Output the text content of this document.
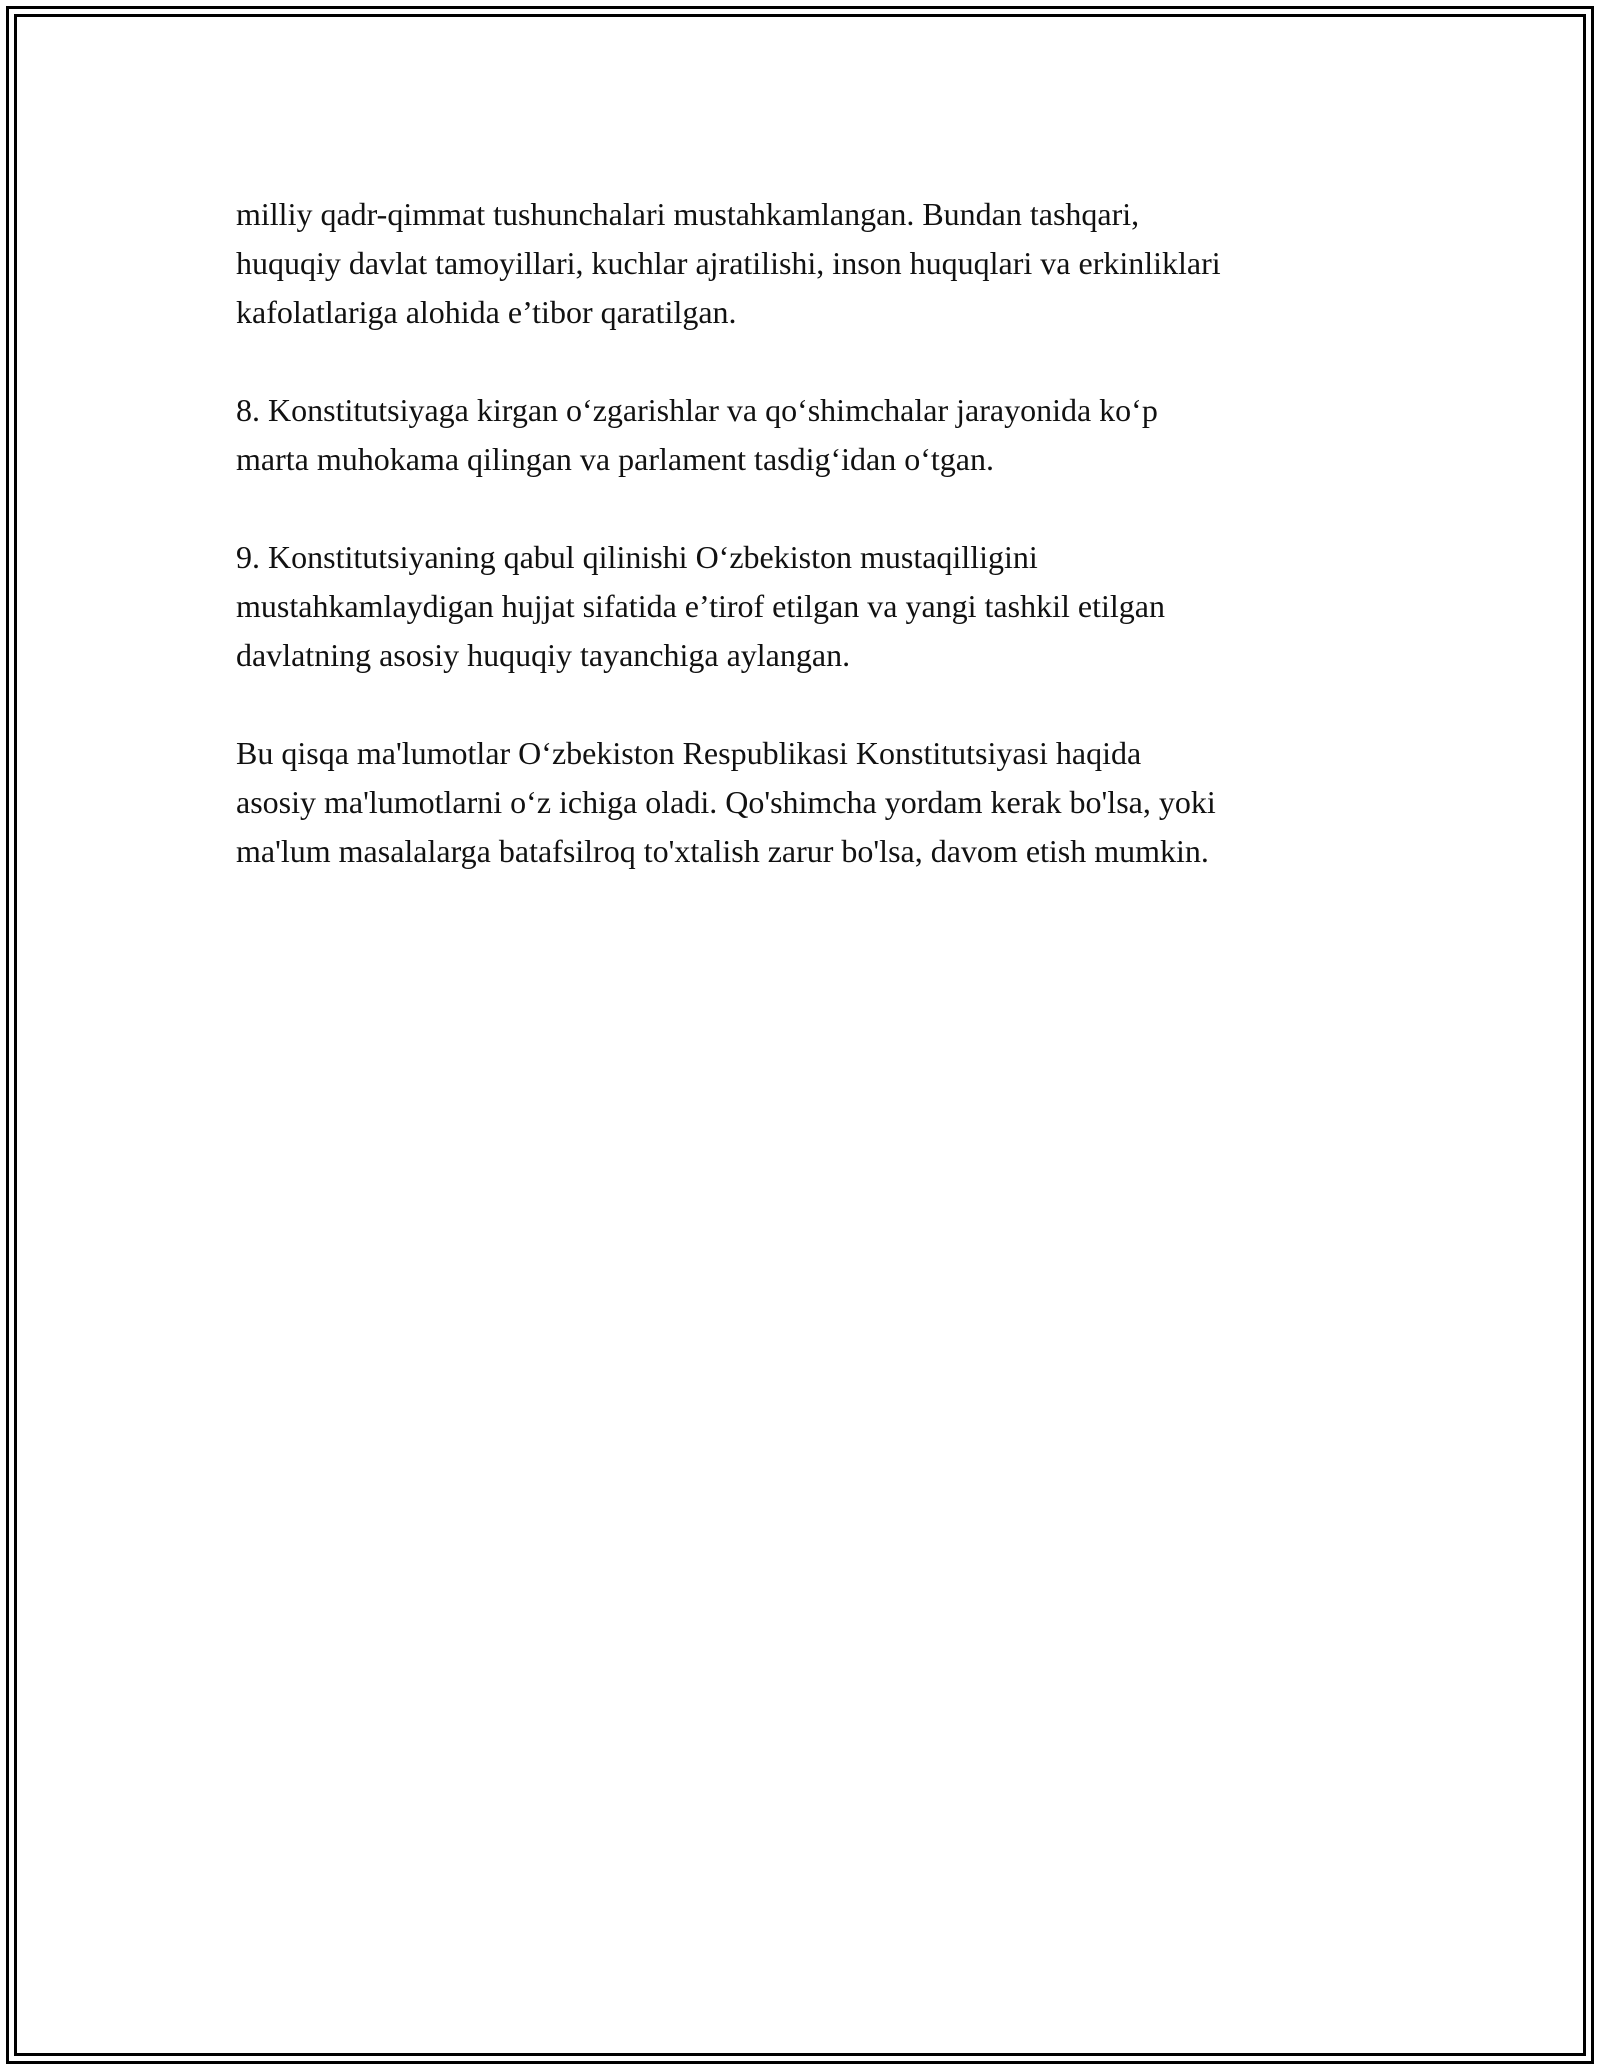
milliy qadr-qimmat tushunchalari mustahkamlangan. Bundan tashqari,
huquqiy davlat tamoyillari, kuchlar ajratilishi, inson huquqlari va erkinliklari
kafolatlariga alohida e’tibor qaratilgan.

8. Konstitutsiyaga kirgan o‘zgarishlar va qo‘shimchalar jarayonida ko‘p
marta muhokama qilingan va parlament tasdig‘idan o‘tgan.

9. Konstitutsiyaning qabul qilinishi O‘zbekiston mustaqilligini
mustahkamlaydigan hujjat sifatida e’tirof etilgan va yangi tashkil etilgan
davlatning asosiy huquqiy tayanchiga aylangan.

Bu qisqa ma'lumotlar O‘zbekiston Respublikasi Konstitutsiyasi haqida
asosiy ma'lumotlarni o‘z ichiga oladi. Qo'shimcha yordam kerak bo'lsa, yoki
ma'lum masalalarga batafsilroq to'xtalish zarur bo'lsa, davom etish mumkin.
